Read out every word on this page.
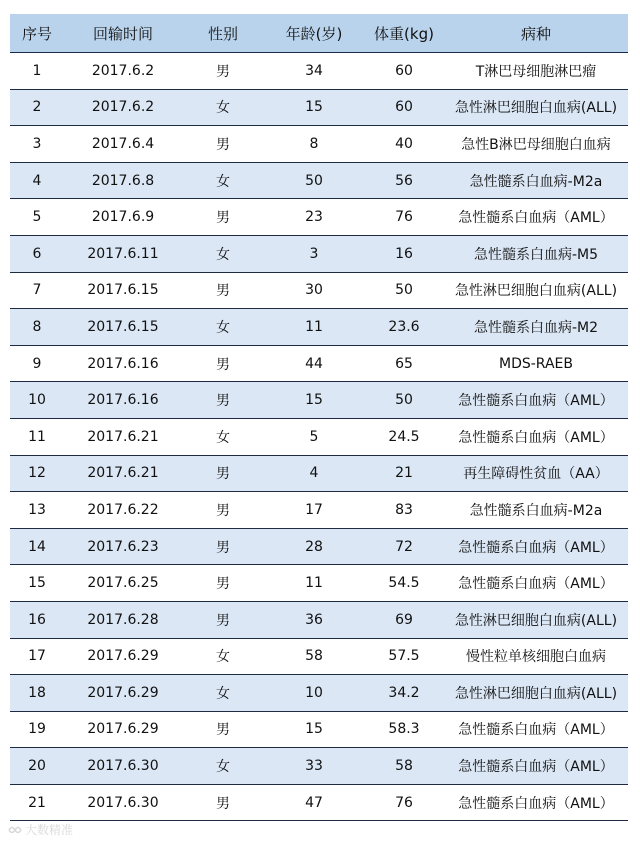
序号	回输时间	性别	年龄(岁)	体重(kg)	病种
1	2017.6.2	男	34	60	T淋巴母细胞淋巴瘤
2	2017.6.2	女	15	60	急性淋巴细胞白血病(ALL)
3	2017.6.4	男	8	40	急性B淋巴母细胞白血病
4	2017.6.8	女	50	56	急性髓系白血病-M2a
5	2017.6.9	男	23	76	急性髓系白血病（AML）
6	2017.6.11	女	3	16	急性髓系白血病-M5
7	2017.6.15	男	30	50	急性淋巴细胞白血病(ALL)
8	2017.6.15	女	11	23.6	急性髓系白血病-M2
9	2017.6.16	男	44	65	MDS-RAEB
10	2017.6.16	男	15	50	急性髓系白血病（AML）
11	2017.6.21	女	5	24.5	急性髓系白血病（AML）
12	2017.6.21	男	4	21	再生障碍性贫血（AA）
13	2017.6.22	男	17	83	急性髓系白血病-M2a
14	2017.6.23	男	28	72	急性髓系白血病（AML）
15	2017.6.25	男	11	54.5	急性髓系白血病（AML）
16	2017.6.28	男	36	69	急性淋巴细胞白血病(ALL)
17	2017.6.29	女	58	57.5	慢性粒单核细胞白血病
18	2017.6.29	女	10	34.2	急性淋巴细胞白血病(ALL)
19	2017.6.29	男	15	58.3	急性髓系白血病（AML）
20	2017.6.30	女	33	58	急性髓系白血病（AML）
21	2017.6.30	男	47	76	急性髓系白血病（AML）
大数精准
